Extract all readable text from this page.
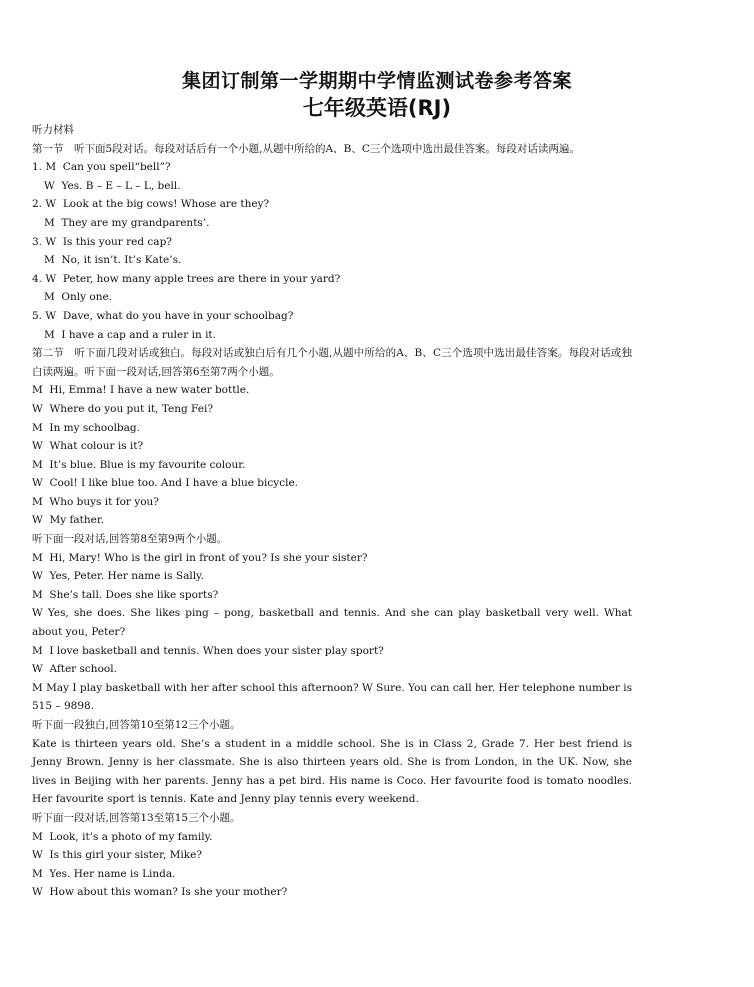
集团订制第一学期期中学情监测试卷参考答案
七年级英语(RJ)
听力材料
第一节　听下面5段对话。每段对话后有一个小题,从题中所给的A、B、C三个选项中选出最佳答案。每段对话读两遍。
1. M  Can you spell“bell”?
W  Yes. B – E – L – L, bell.
2. W  Look at the big cows! Whose are they?
M  They are my grandparents’.
3. W  Is this your red cap?
M  No, it isn’t. It’s Kate’s.
4. W  Peter, how many apple trees are there in your yard?
M  Only one.
5. W  Dave, what do you have in your schoolbag?
M  I have a cap and a ruler in it.
第二节　听下面几段对话或独白。每段对话或独白后有几个小题,从题中所给的A、B、C三个选项中选出最佳答案。每段对话或独白读两遍。听下面一段对话,回答第6至第7两个小题。
M  Hi, Emma! I have a new water bottle.
W  Where do you put it, Teng Fei?
M  In my schoolbag.
W  What colour is it?
M  It’s blue. Blue is my favourite colour.
W  Cool! I like blue too. And I have a blue bicycle.
M  Who buys it for you?
W  My father.
听下面一段对话,回答第8至第9两个小题。
M  Hi, Mary! Who is the girl in front of you? Is she your sister?
W  Yes, Peter. Her name is Sally.
M  She’s tall. Does she like sports?
W Yes, she does. She likes ping – pong, basketball and tennis. And she can play basketball very well. What about you, Peter?
M  I love basketball and tennis. When does your sister play sport?
W  After school.
M May I play basketball with her after school this afternoon? W Sure. You can call her. Her telephone number is 515 – 9898.
听下面一段独白,回答第10至第12三个小题。
Kate is thirteen years old. She’s a student in a middle school. She is in Class 2, Grade 7. Her best friend is Jenny Brown. Jenny is her classmate. She is also thirteen years old. She is from London, in the UK. Now, she lives in Beijing with her parents. Jenny has a pet bird. His name is Coco. Her favourite food is tomato noodles. Her favourite sport is tennis. Kate and Jenny play tennis every weekend.
听下面一段对话,回答第13至第15三个小题。
M  Look, it’s a photo of my family.
W  Is this girl your sister, Mike?
M  Yes. Her name is Linda.
W  How about this woman? Is she your mother?
